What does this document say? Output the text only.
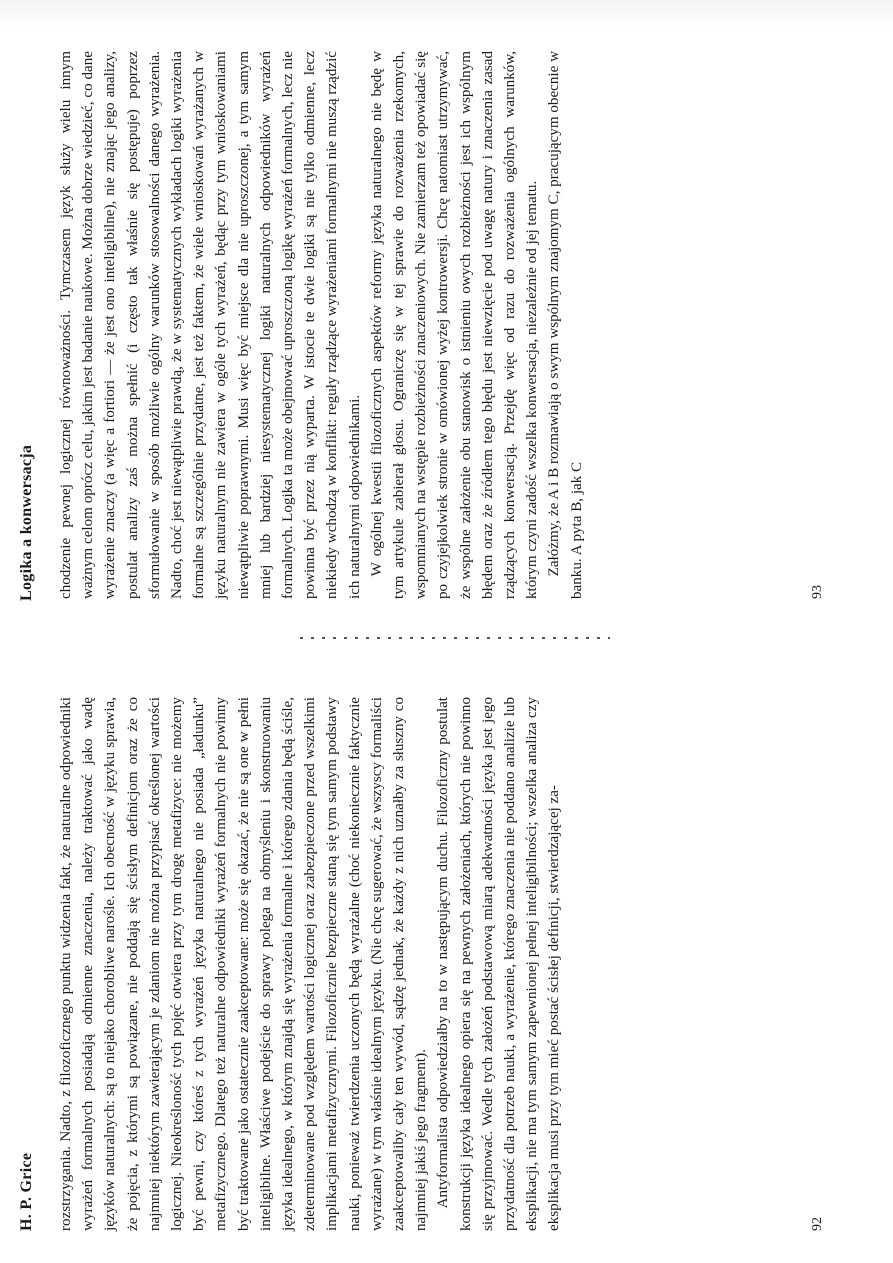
H. P. Grice rozstrzygania. Nadto, z filozoficznego punktu widzenia fakt, że naturalne odpowiedniki wyrażeń formalnych posiadają odmienne znaczenia, należy traktować jako wadę języków naturalnych: są to niejako chorobliwe narośle. Ich obecność w języku sprawia, że pojęcia, z którymi są powiązane, nie poddają się ścisłym definicjom oraz że co najmniej niektórym zawierającym je zdaniom nie można przypisać określonej wartości logicznej. Nieokreśloność tych pojęć otwiera przy tym drogę metafizyce: nie możemy być pewni, czy któreś z tych wyrażeń języka naturalnego nie posiada „ładunku” metafizycznego. Dlatego też naturalne odpowiedniki wyrażeń formalnych nie powinny być traktowane jako ostatecznie zaakceptowane: może się okazać, że nie są one w pełni inteligibilne. Właściwe podejście do sprawy polega na obmyśleniu i skonstruowaniu języka idealnego, w którym znajdą się wyrażenia formalne i którego zdania będą ściśle, zdeterminowane pod względem wartości logicznej oraz zabezpieczone przed wszelkimi implikacjami metafizycznymi. Filozoficznie bezpieczne staną się tym samym podstawy nauki, ponieważ twierdzenia uczonych będą wyrażalne (choć niekoniecznie faktycznie wyrażane) w tym właśnie idealnym języku. (Nie chcę sugerować, że wszyscy formaliści zaakceptowaliby cały ten wywód, sądzę jednak, że każdy z nich uznałby za słuszny co najmniej jakiś jego fragment). Antyformalista odpowiedziałby na to w następującym duchu. Filozoficzny postulat konstrukcji języka idealnego opiera się na pewnych założeniach, których nie powinno się przyjmować. Wedle tych założeń podstawową miarą adekwatności języka jest jego przydatność dla potrzeb nauki, a wyrażenie, którego znaczenia nie poddano analizie lub eksplikacji, nie ma tym samym zapewnionej pełnej inteligibilności; wszelka analiza czy eksplikacja musi przy tym mieć postać ścisłej definicji, stwierdzającej za-	92
Logika a konwersacja chodzenie pewnej logicznej równoważności. Tymczasem język służy wielu innym ważnym celom oprócz celu, jakim jest badanie naukowe. Można dobrze wiedzieć, co dane wyrażenie znaczy (a więc a fortiori — że jest ono inteligibilne), nie znając jego analizy, postulat analizy zaś można spełnić (i często tak właśnie się postępuje) poprzez sformułowanie w sposób możliwie ogólny warunków stosowalności danego wyrażenia. Nadto, choć jest niewątpliwie prawdą, że w systematycznych wykładach logiki wyrażenia formalne są szczególnie przydatne, jest też faktem, że wiele wnioskowań wyrażanych w języku naturalnym nie zawiera w ogóle tych wyrażeń, będąc przy tym wnioskowaniami niewątpliwie poprawnymi. Musi więc być miejsce dla nie uproszczonej, a tym samym mniej lub bardziej niesystematycznej logiki naturalnych odpowiedników wyrażeń formalnych. Logika ta może obejmować uproszczoną logikę wyrażeń formalnych, lecz nie powinna być przez nią wyparta. W istocie te dwie logiki są nie tylko odmienne, lecz niekiedy wchodzą w konflikt: reguły rządzące wyrażeniami formalnymi nie muszą rządzić ich naturalnymi odpowiednikami. W ogólnej kwestii filozoficznych aspektów reformy języka naturalnego nie będę w tym artykule zabierał głosu. Ograniczę się w tej sprawie do rozważenia rzekomych, wspomnianych na wstępie rozbieżności znaczeniowych. Nie zamierzam też opowiadać się po czyjejkolwiek stronie w omówionej wyżej kontrowersji. Chcę natomiast utrzymywać, że wspólne założenie obu stanowisk o istnieniu owych rozbieżności jest ich wspólnym błędem oraz że źródłem tego błędu jest niewzięcie pod uwagę natury i znaczenia zasad rządzących konwersacją. Przejdę więc od razu do rozważenia ogólnych warunków, którym czyni zadość wszelka konwersacja, niezależnie od jej tematu. Załóżmy, że A i B rozmawiają o swym wspólnym znajomym C, pracującym obecnie w banku. A pyta B, jak C	93
